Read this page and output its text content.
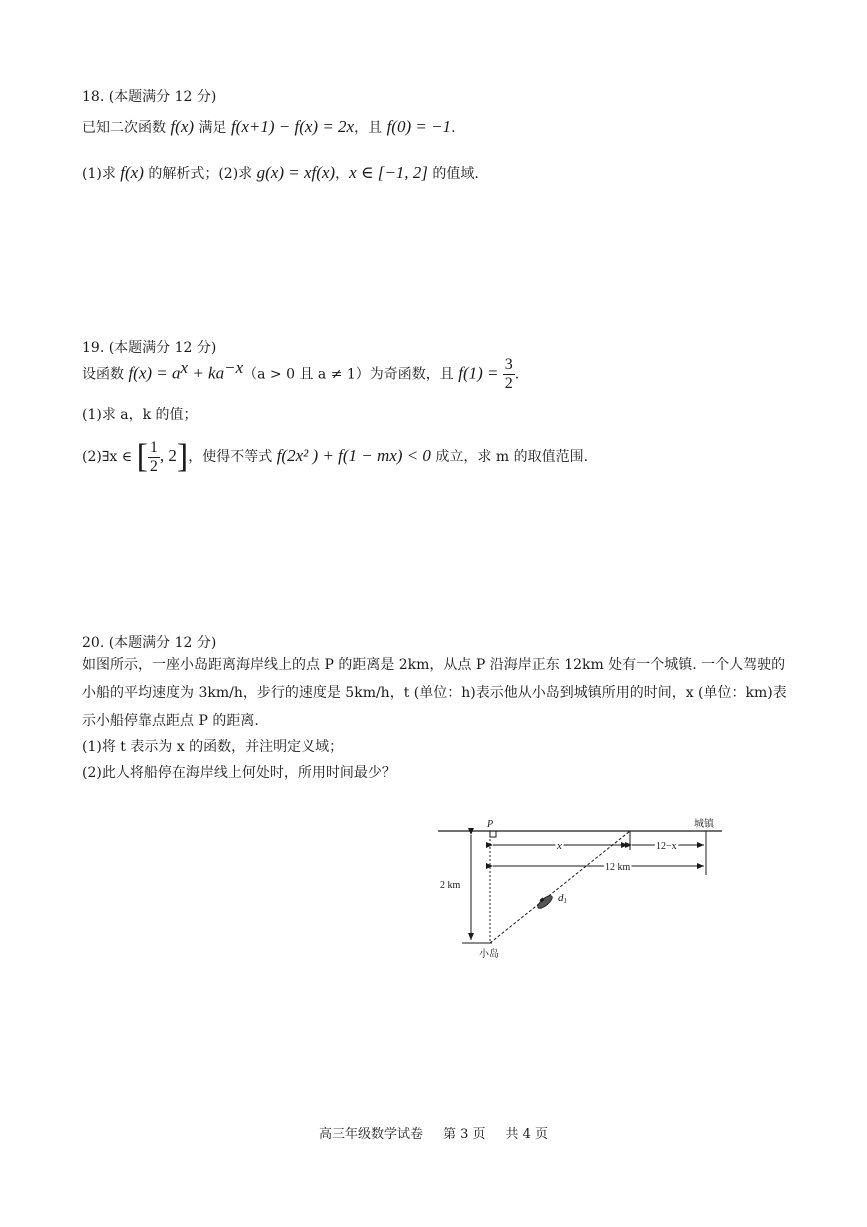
18. (本题满分 12 分)
已知二次函数 f(x) 满足 f(x+1) − f(x) = 2x，且 f(0) = −1.
(1)求 f(x) 的解析式；(2)求 g(x) = xf(x)，x ∈ [−1, 2] 的值域.
19. (本题满分 12 分)
设函数 $f(x) = a^x + ka^{-x}(a > 0$ 且 a ≠ 1）为奇函数，且 $f(1) = \frac{3}{2}$ .
(1)求 a，k 的值；
(2)∃x ∈ [ $\frac{1}{2}$ , 2]，使得不等式 f(2x² ) + f(1 − mx) < 0 成立，求 m 的取值范围.
20. (本题满分 12 分)
如图所示，一座小岛距离海岸线上的点 P 的距离是 2km，从点 P 沿海岸正东 12km 处有一个城镇. 一个人驾驶的小船的平均速度为 3km/h，步行的速度是 5km/h，t (单位：h)表示他从小岛到城镇所用的时间，x (单位：km)表示小船停靠点距点 P 的距离.
(1)将 t 表示为 x 的函数，并注明定义域；
(2)此人将船停在海岸线上何处时，所用时间最少？
P	城镇
x	12−x
12 km
2 km
d1
小岛
高三年级数学试卷 第 3 页 共 4 页
